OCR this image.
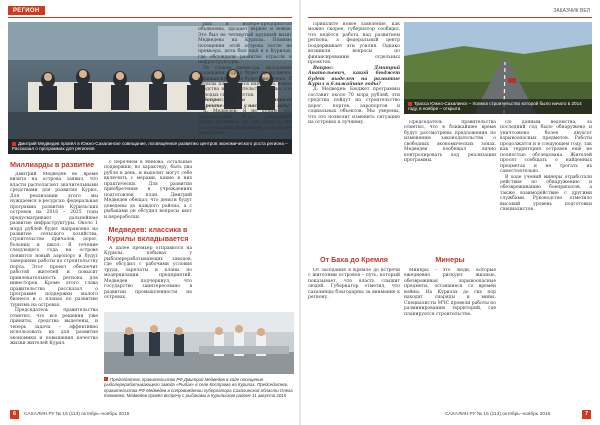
РЕГИОН	ЗАКАЗЧИК ВЕЛ
Дмитрий Медведев провёл в Южно-Сахалинске совещание, посвящённое развитию центров экономического роста региона – Рассказал о программах для регионов
Миллиарды в развитие

Дмитрий Медведев во время визита на острова заявил, что власти располагают значительными средствами для развития Курил. Для реализации этого мы нуждаемся в ресурсах: федеральная программа развития Курильских островов на 2016 – 2025 годы предусматривает дальнейшее развитие инфраструктуры. Около 1 млрд рублей будет направлено на развитие сельского хозяйства, строительство причалов, дорог, больниц и школ. В течение следующего года на острове появится новый аэропорт и будут завершены работы по строительству порта. Этот проект обеспечит работой жителей и повысит привлекательность региона для инвесторов. Кроме этого глава правительства рассказал о программе поддержки малого бизнеса и о планах по развитию туризма на островах.

Председатель правительства отметил, что все решения уже приняты, средства выделены, и теперь задача – эффективно использовать их для развития экономики и повышения качества жизни жителей Курил.

с перечнем в Иннова, остальные поддержки, по характеру, быть два рубля в день, и выделит могут себе включить с мерами, какие в них практически. Для развития приобретения в учреждениях подготовлен план. Дмитрий Медведев обещал, что деньги будут доведены до каждого района, а с рыбаками он обсудил вопросы квот и переработки.

Медведев: классика в Курилы вкладывается

А далее премьер отправился на Курилы, побывал у рыбоперерабатывающих заводов, где обсудил с рабочими условия труда, зарплаты и планы по модернизации предприятий. Медведев подчеркнул, что государство заинтересовано в развитии промышленности на островах.

рых в ноябре-предприятия объявлены, продает вернее и новые. Это был не четвертый крупный визит Медведева на Курилы. Помимо посещения этой острова после не премьера, дела был ещё и в Курилах, где обсуждали развитие отрасли и инфраструктуры.

По словам министра, программа поддержки Курил будет продолжена, и финансирование будет увеличено. В Курилы планируется направить новые средства на строительство жилья для молодых специалистов.

Вопрос: Вы увеличивали строительство у нас в 2014 году?

Д. Медведев: Я не думаю, что строительство будет сокращено. Будем развивать то, что начато. Мы уже утвердили программу, и она будет выполнена.

Председатель правительства РФ Дмитрий Медведев в ходе посещения рыбоперерабатывающего завода «Рыбак» в селе Кострома на Курилах. Председатель правительства РФ Медведев в сопровождении губернатора Сахалинской области Олега Кожемяко. Медведев провёл встречу с рыбаками в Курильском районе 11 августа 2015
6	САХАЛИН.РУ № 15 (113) октябрь–ноябрь 2015

Пришлите новое заявление, как можно скорее, губернатор сообщил, что ведётся работа над развитием региона, а федеральный центр поддерживает эти усилия. Однако возникли вопросы по финансированию отдельных проектов.

Вопрос: Дмитрий Анатольевич, какой бюджет будет выделен на развитие Курил в ближайшие годы?

Д. Медведев: Бюджет программы составит около 70 млрд рублей, эти средства пойдут на строительство дорог, портов, аэропортов и социальных объектов. Мы уверены, что это позволит изменить ситуацию на островах к лучшему.

Трасса Южно-Сахалинск – Холмск строительство которой было начато в 2014 году, в ноябре – открыта

Председатель правительства отметил, что в ближайшее время будут рассмотрены предложения по изменению законодательства о свободных экономических зонах. Медведев пообещал лично контролировать ход реализации программы.

От Баха до Кремля

От заседания в Кремле до встречи с жителями островов – путь, который показывает, что власть слышит людей. Губернатор отметил, что сахалинцы благодарны за внимание к региону.

Минеры

Минеры – это люди, которые ежедневно рискуют жизнью, обезвреживая взрывоопасные предметы, оставшиеся со времён войны. На Курилах до сих пор находят снаряды и мины. Специалисты МЧС провели работы по разминированию территорий, где планируется строительство.

По данным ведомства, за последний год было обнаружено и уничтожено более двухсот взрывоопасных предметов. Работы продолжатся и в следующем году, так как территория островов ещё не полностью обследована. Жителей просят сообщать о найденных предметах и не трогать их самостоятельно.

В ходе учений минеры отработали действия по обнаружению и обезвреживанию боеприпасов, а также взаимодействие с другими службами. Руководство отметило высокий уровень подготовки специалистов.

САХАЛИН.РУ № 15 (113) октябрь–ноябрь 2015	7
